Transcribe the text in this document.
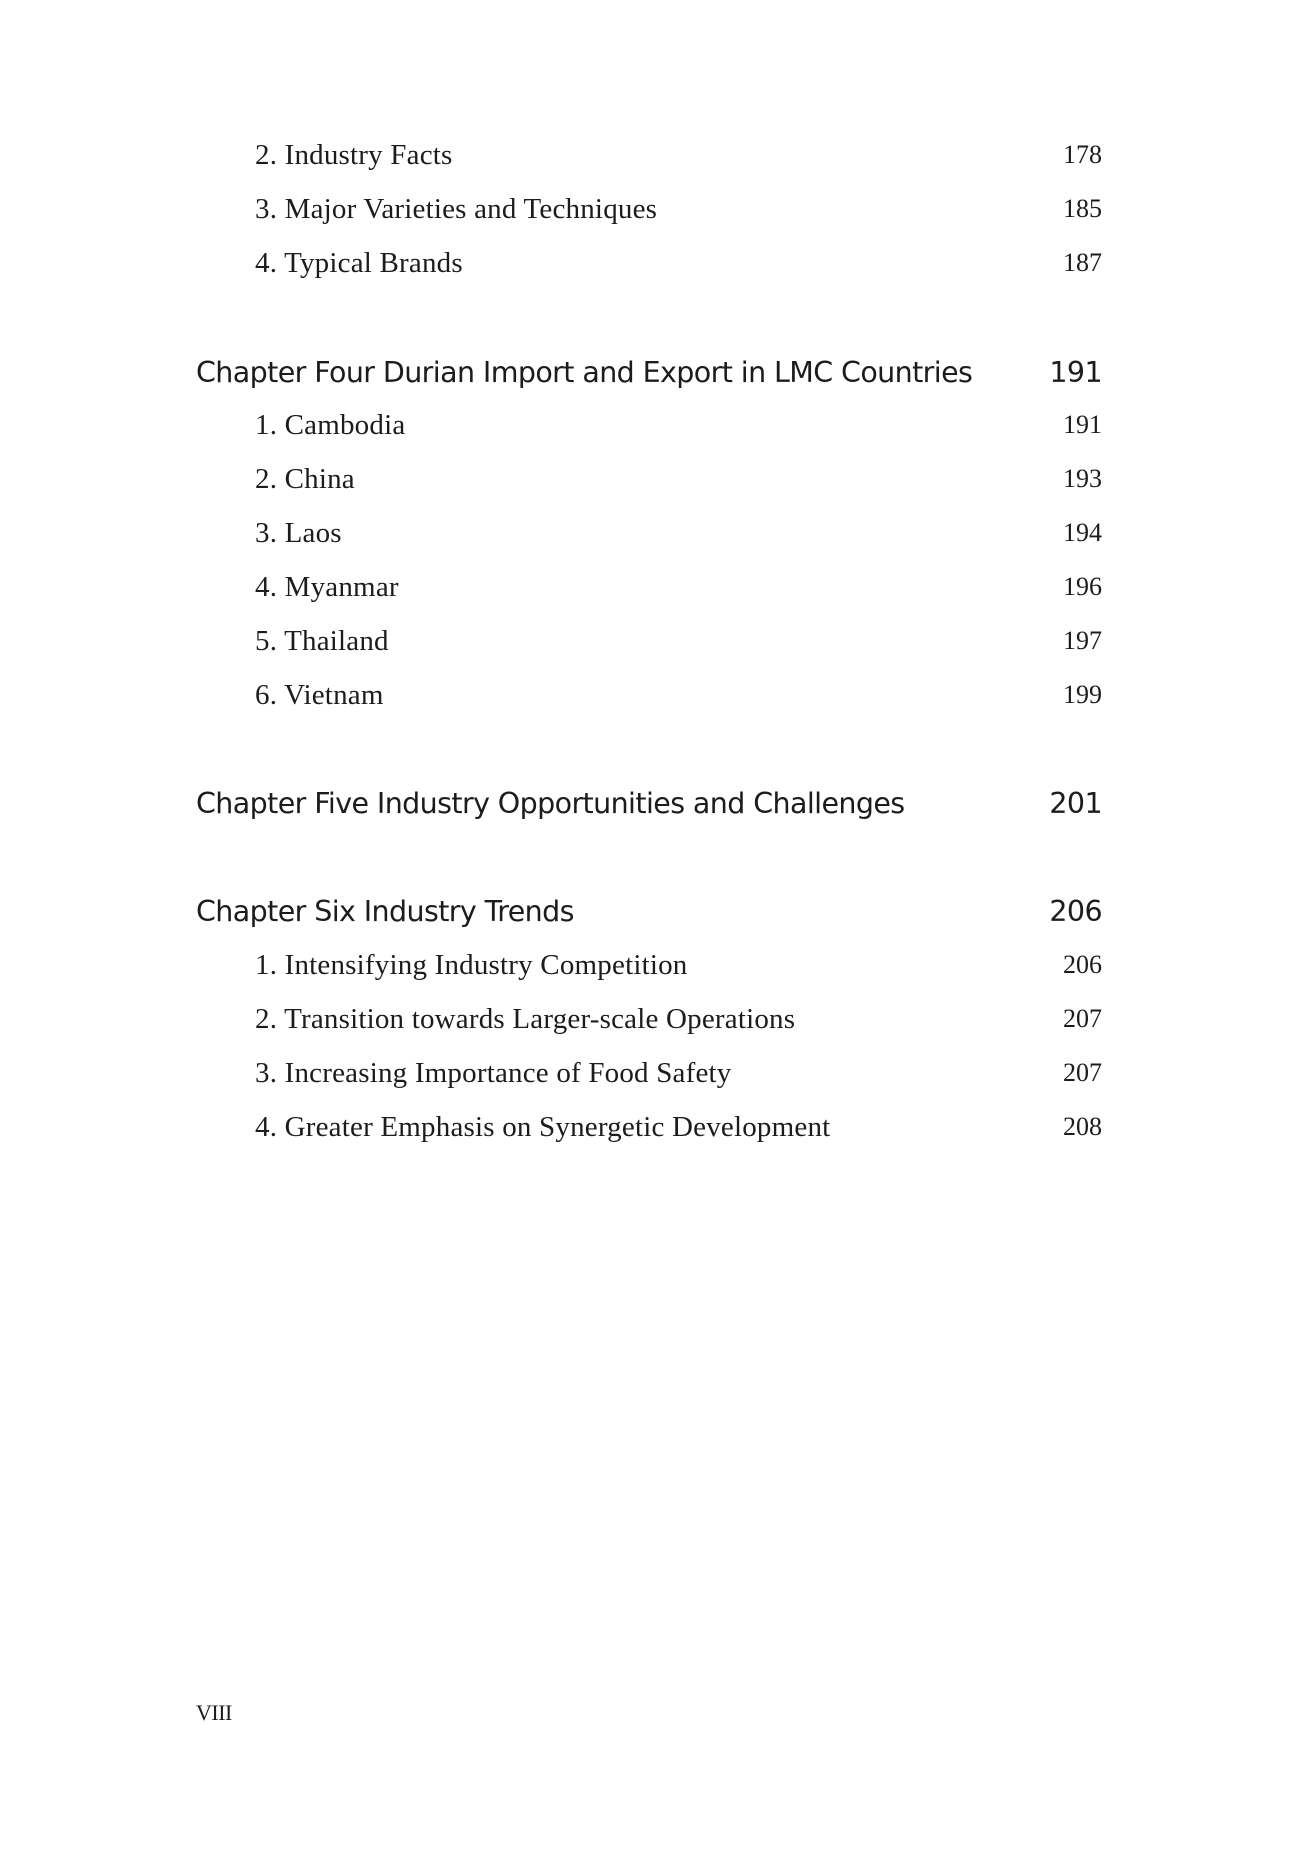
2. Industry Facts	178
3. Major Varieties and Techniques	185
4. Typical Brands	187
Chapter Four Durian Import and Export in LMC Countries	191
1. Cambodia	191
2. China	193
3. Laos	194
4. Myanmar	196
5. Thailand	197
6. Vietnam	199
Chapter Five Industry Opportunities and Challenges	201
Chapter Six Industry Trends	206
1. Intensifying Industry Competition	206
2. Transition towards Larger-scale Operations	207
3. Increasing Importance of Food Safety	207
4. Greater Emphasis on Synergetic Development	208
VIII
